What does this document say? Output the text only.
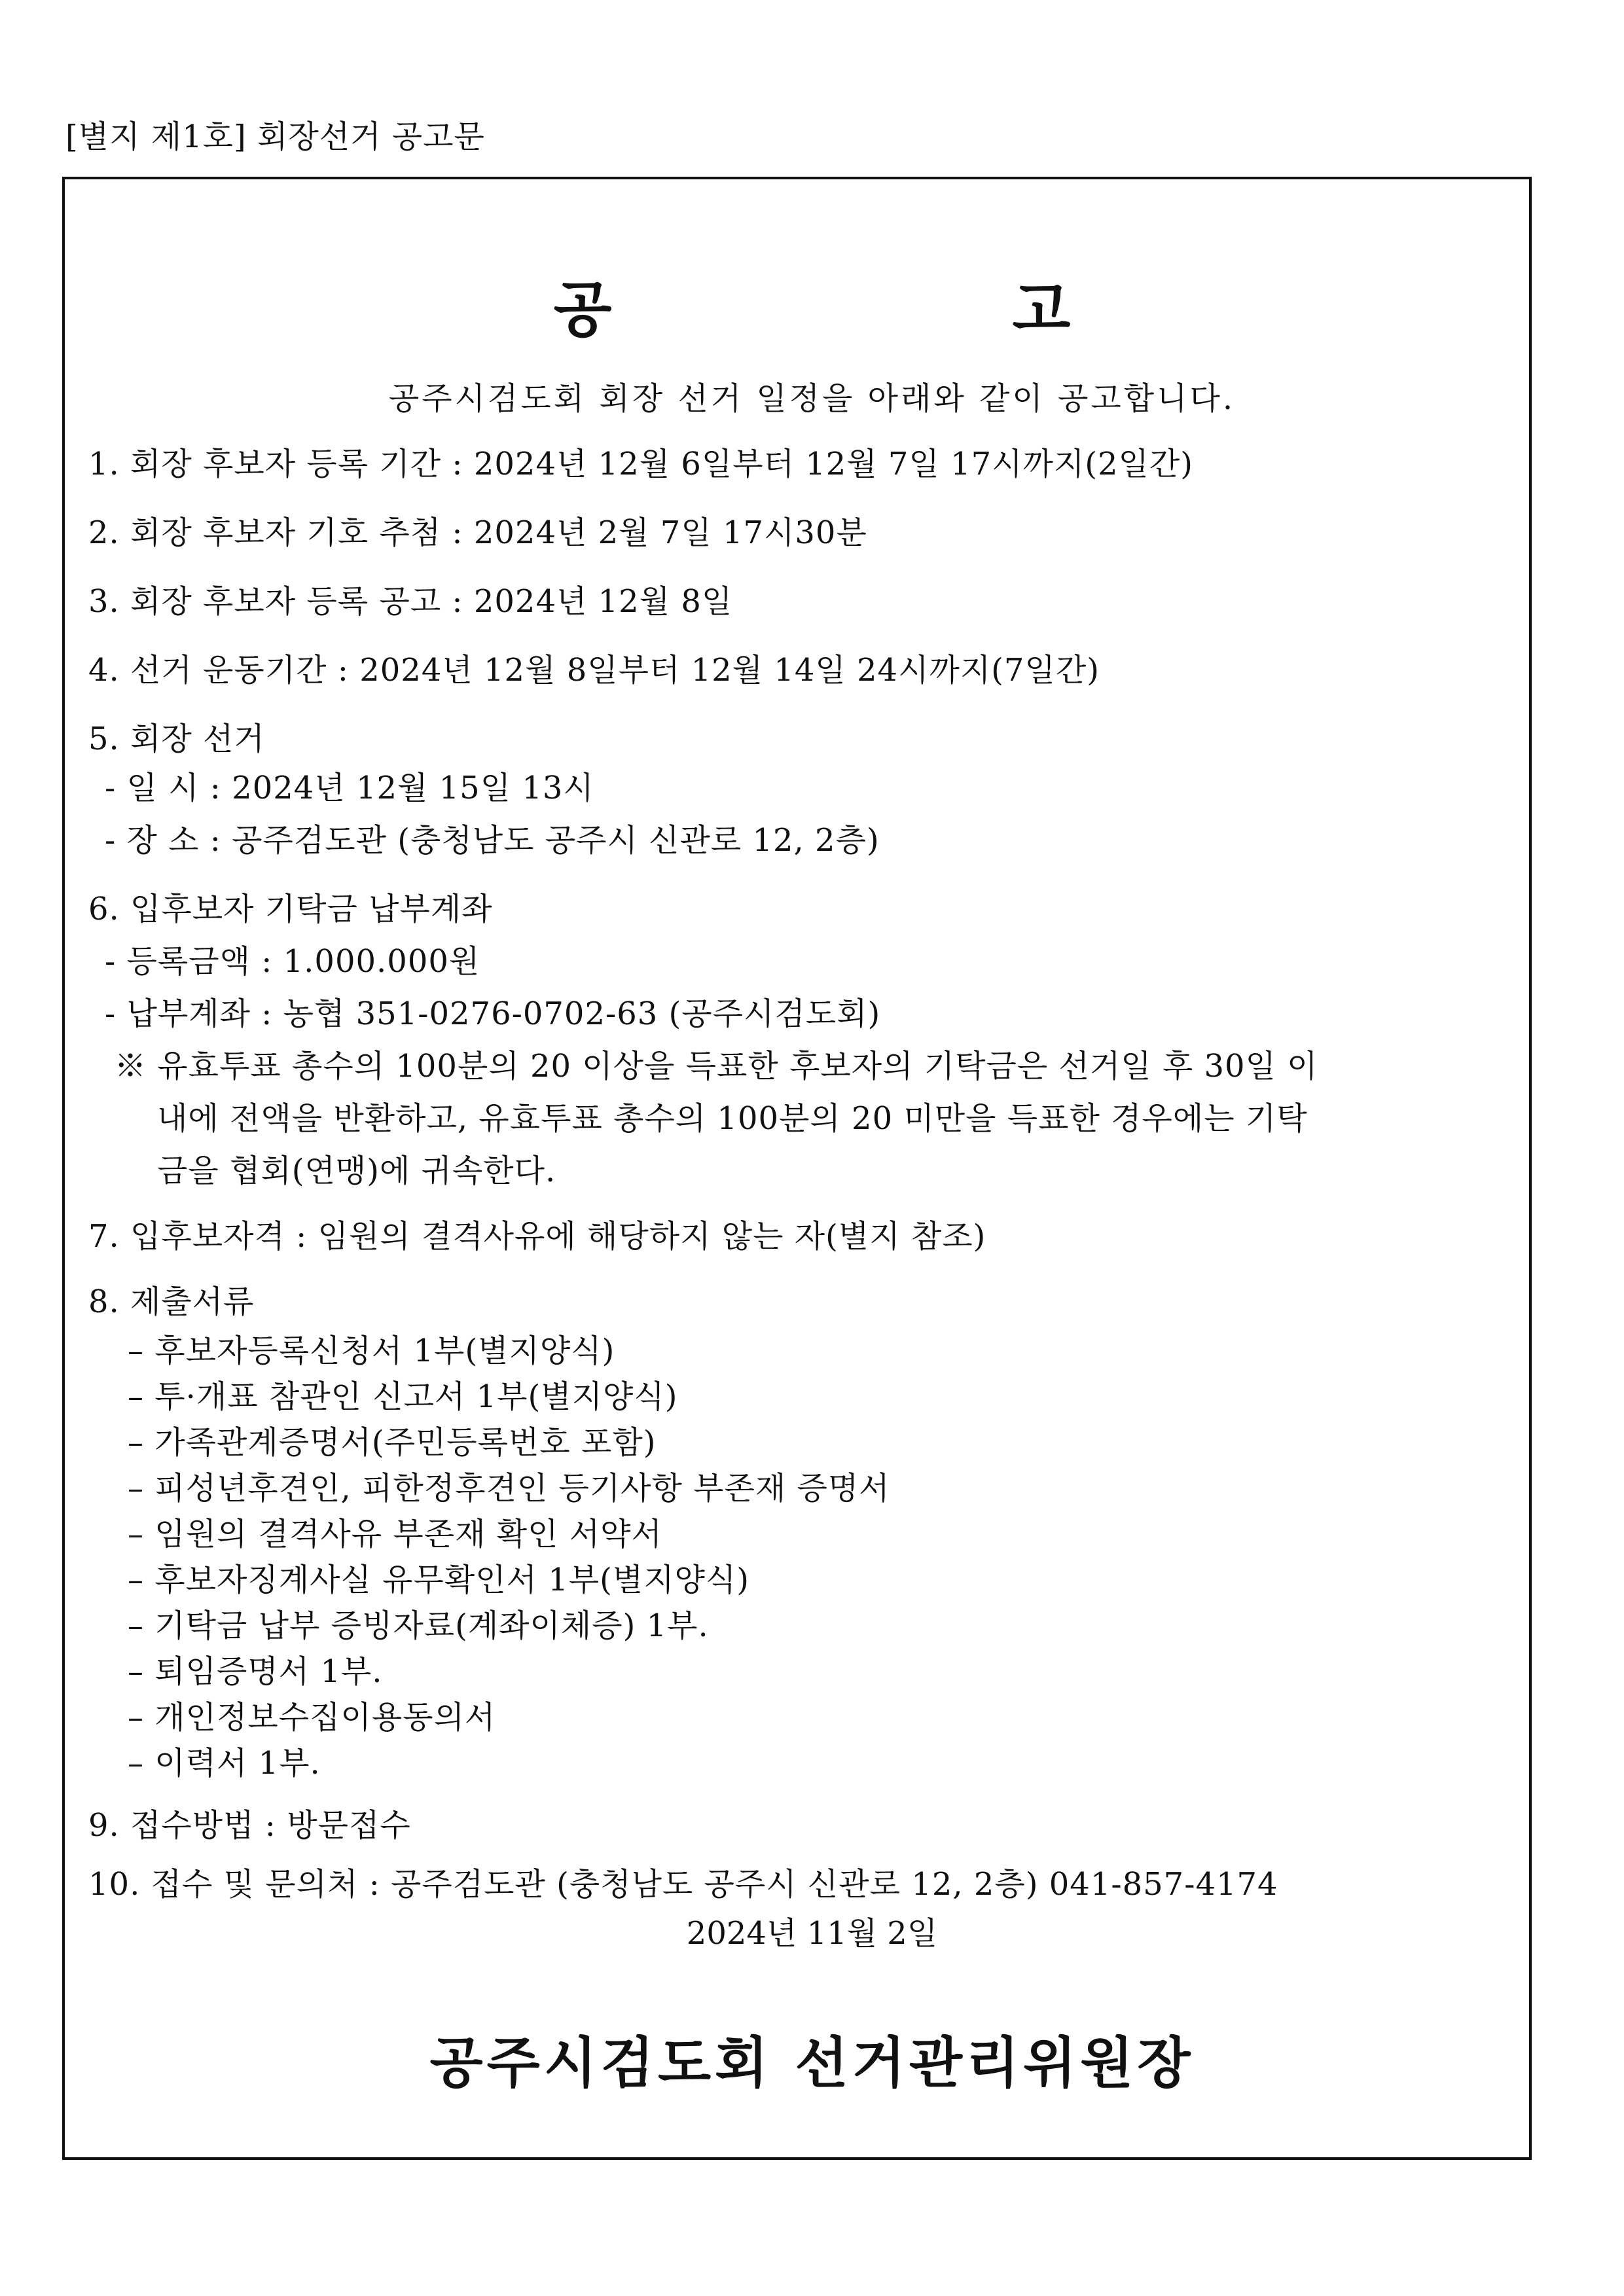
[별지 제1호] 회장선거 공고문
공 고
공주시검도회 회장 선거 일정을 아래와 같이 공고합니다.
1. 회장 후보자 등록 기간 : 2024년 12월 6일부터 12월 7일 17시까지(2일간)
2. 회장 후보자 기호 추첨 : 2024년 2월 7일 17시30분
3. 회장 후보자 등록 공고 : 2024년 12월 8일
4. 선거 운동기간 : 2024년 12월 8일부터 12월 14일 24시까지(7일간)
5. 회장 선거
- 일 시 : 2024년 12월 15일 13시
- 장 소 : 공주검도관 (충청남도 공주시 신관로 12, 2층)
6. 입후보자 기탁금 납부계좌
- 등록금액 : 1.000.000원
- 납부계좌 : 농협 351-0276-0702-63 (공주시검도회)
※ 유효투표 총수의 100분의 20 이상을 득표한 후보자의 기탁금은 선거일 후 30일 이
내에 전액을 반환하고, 유효투표 총수의 100분의 20 미만을 득표한 경우에는 기탁
금을 협회(연맹)에 귀속한다.
7. 입후보자격 : 임원의 결격사유에 해당하지 않는 자(별지 참조)
8. 제출서류
– 후보자등록신청서 1부(별지양식)
– 투·개표 참관인 신고서 1부(별지양식)
– 가족관계증명서(주민등록번호 포함)
– 피성년후견인, 피한정후견인 등기사항 부존재 증명서
– 임원의 결격사유 부존재 확인 서약서
– 후보자징계사실 유무확인서 1부(별지양식)
– 기탁금 납부 증빙자료(계좌이체증) 1부.
– 퇴임증명서 1부.
– 개인정보수집이용동의서
– 이력서 1부.
9. 접수방법 : 방문접수
10. 접수 및 문의처 : 공주검도관 (충청남도 공주시 신관로 12, 2층) 041-857-4174
2024년 11월 2일
공주시검도회 선거관리위원장
